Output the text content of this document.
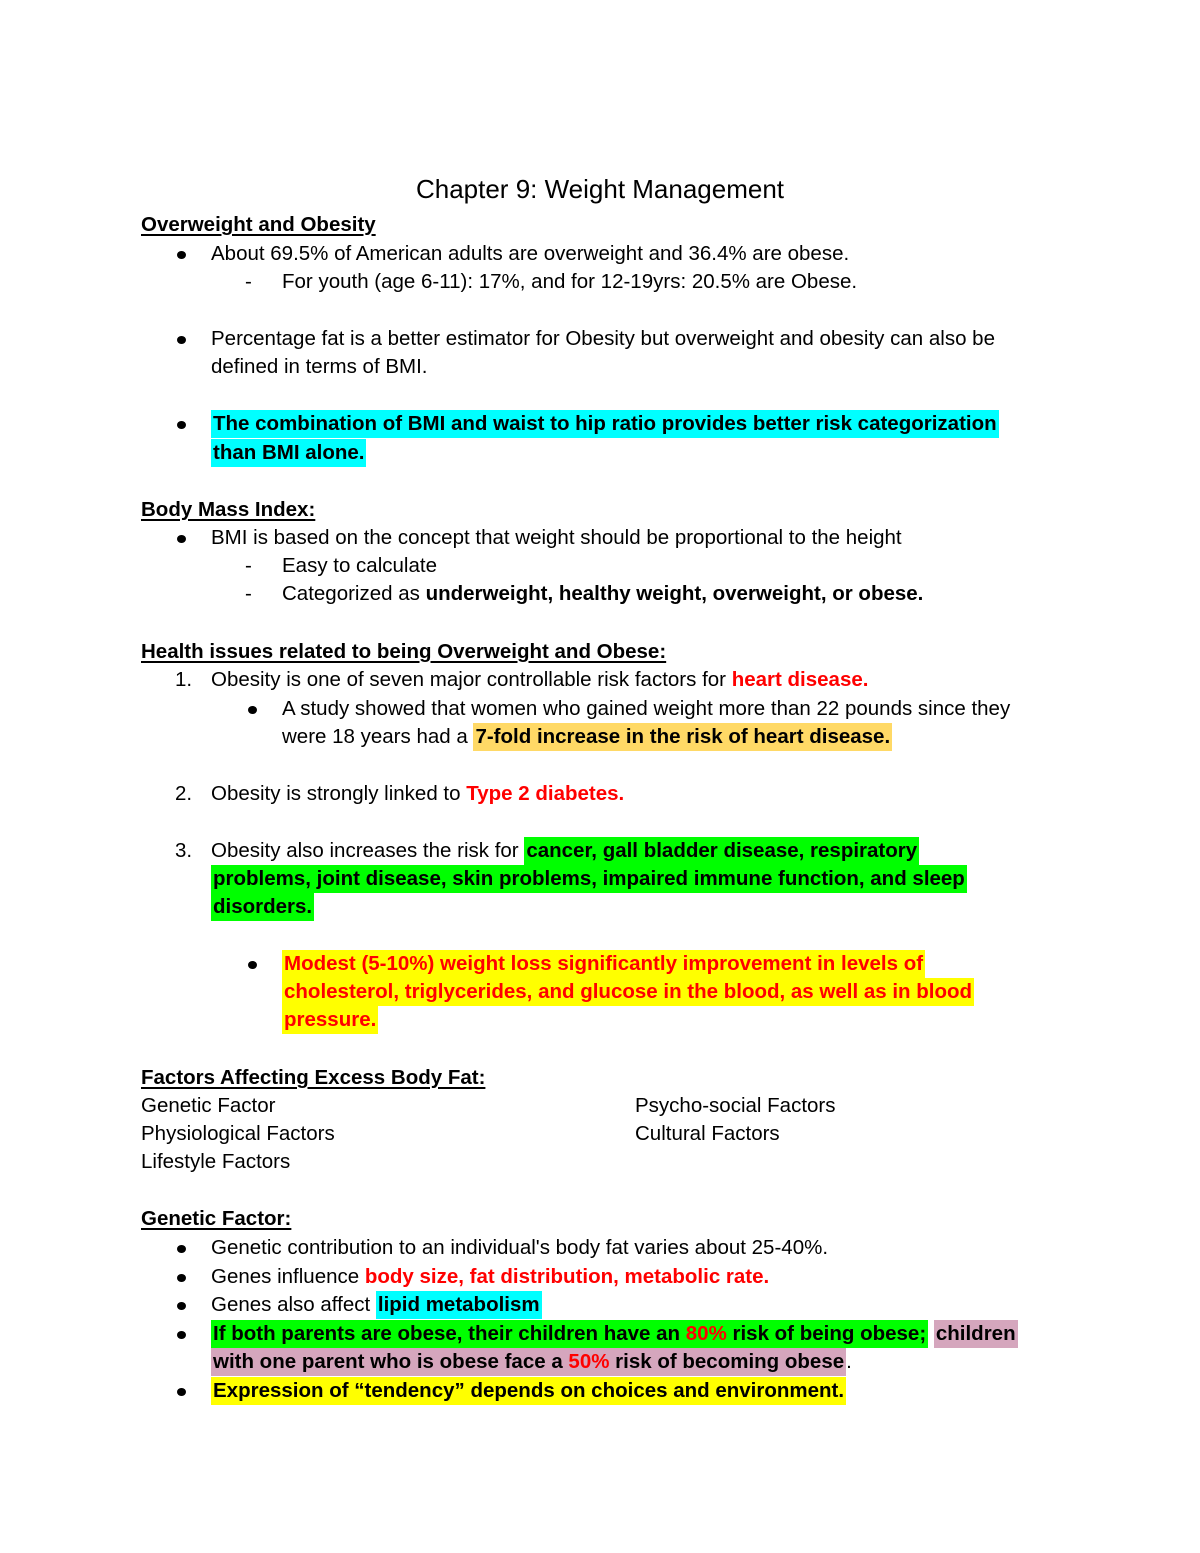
Chapter 9: Weight Management
Overweight and Obesity
About 69.5% of American adults are overweight and 36.4% are obese.
- For youth (age 6-11): 17%, and for 12-19yrs: 20.5% are Obese.
Percentage fat is a better estimator for Obesity but overweight and obesity can also be
defined in terms of BMI.
The combination of BMI and waist to hip ratio provides better risk categorization
than BMI alone.
Body Mass Index:
BMI is based on the concept that weight should be proportional to the height
- Easy to calculate
- Categorized as underweight, healthy weight, overweight, or obese.
Health issues related to being Overweight and Obese:
1. Obesity is one of seven major controllable risk factors for heart disease.
A study showed that women who gained weight more than 22 pounds since they
were 18 years had a 7-fold increase in the risk of heart disease.
2. Obesity is strongly linked to Type 2 diabetes.
3. Obesity also increases the risk for cancer, gall bladder disease, respiratory
problems, joint disease, skin problems, impaired immune function, and sleep
disorders.
Modest (5-10%) weight loss significantly improvement in levels of
cholesterol, triglycerides, and glucose in the blood, as well as in blood
pressure.
Factors Affecting Excess Body Fat:
Genetic Factor
Physiological Factors
Lifestyle Factors
Psycho-social Factors
Cultural Factors
Genetic Factor:
Genetic contribution to an individual's body fat varies about 25-40%.
Genes influence body size, fat distribution, metabolic rate.
Genes also affect lipid metabolism
If both parents are obese, their children have an 80% risk of being obese; children
with one parent who is obese face a 50% risk of becoming obese.
Expression of “tendency” depends on choices and environment.
